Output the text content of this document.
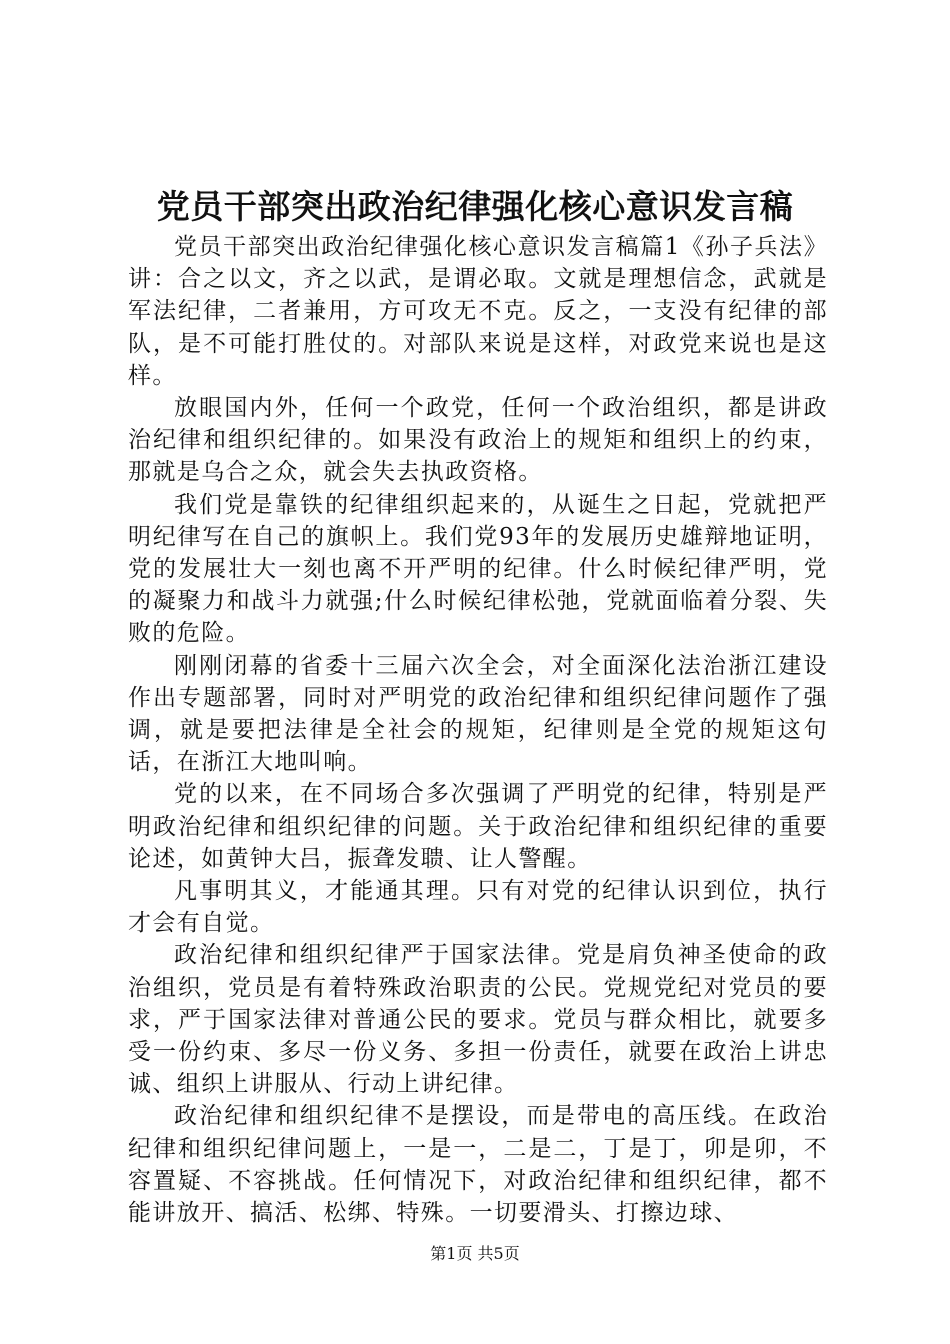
党员干部突出政治纪律强化核心意识发言稿

党员干部突出政治纪律强化核心意识发言稿篇1《孙子兵法》讲：合之以文，齐之以武，是谓必取。文就是理想信念，武就是军法纪律，二者兼用，方可攻无不克。反之，一支没有纪律的部队，是不可能打胜仗的。对部队来说是这样，对政党来说也是这样。

放眼国内外，任何一个政党，任何一个政治组织，都是讲政治纪律和组织纪律的。如果没有政治上的规矩和组织上的约束，那就是乌合之众，就会失去执政资格。

我们党是靠铁的纪律组织起来的，从诞生之日起，党就把严明纪律写在自己的旗帜上。我们党93年的发展历史雄辩地证明，党的发展壮大一刻也离不开严明的纪律。什么时候纪律严明，党的凝聚力和战斗力就强;什么时候纪律松弛，党就面临着分裂、失败的危险。

刚刚闭幕的省委十三届六次全会，对全面深化法治浙江建设作出专题部署，同时对严明党的政治纪律和组织纪律问题作了强调，就是要把法律是全社会的规矩，纪律则是全党的规矩这句话，在浙江大地叫响。

党的以来，在不同场合多次强调了严明党的纪律，特别是严明政治纪律和组织纪律的问题。关于政治纪律和组织纪律的重要论述，如黄钟大吕，振聋发聩、让人警醒。

凡事明其义，才能通其理。只有对党的纪律认识到位，执行才会有自觉。

政治纪律和组织纪律严于国家法律。党是肩负神圣使命的政治组织，党员是有着特殊政治职责的公民。党规党纪对党员的要求，严于国家法律对普通公民的要求。党员与群众相比，就要多受一份约束、多尽一份义务、多担一份责任，就要在政治上讲忠诚、组织上讲服从、行动上讲纪律。

政治纪律和组织纪律不是摆设，而是带电的高压线。在政治纪律和组织纪律问题上，一是一，二是二，丁是丁，卯是卯，不容置疑、不容挑战。任何情况下，对政治纪律和组织纪律，都不能讲放开、搞活、松绑、特殊。一切要滑头、打擦边球、

第1页 共5页
